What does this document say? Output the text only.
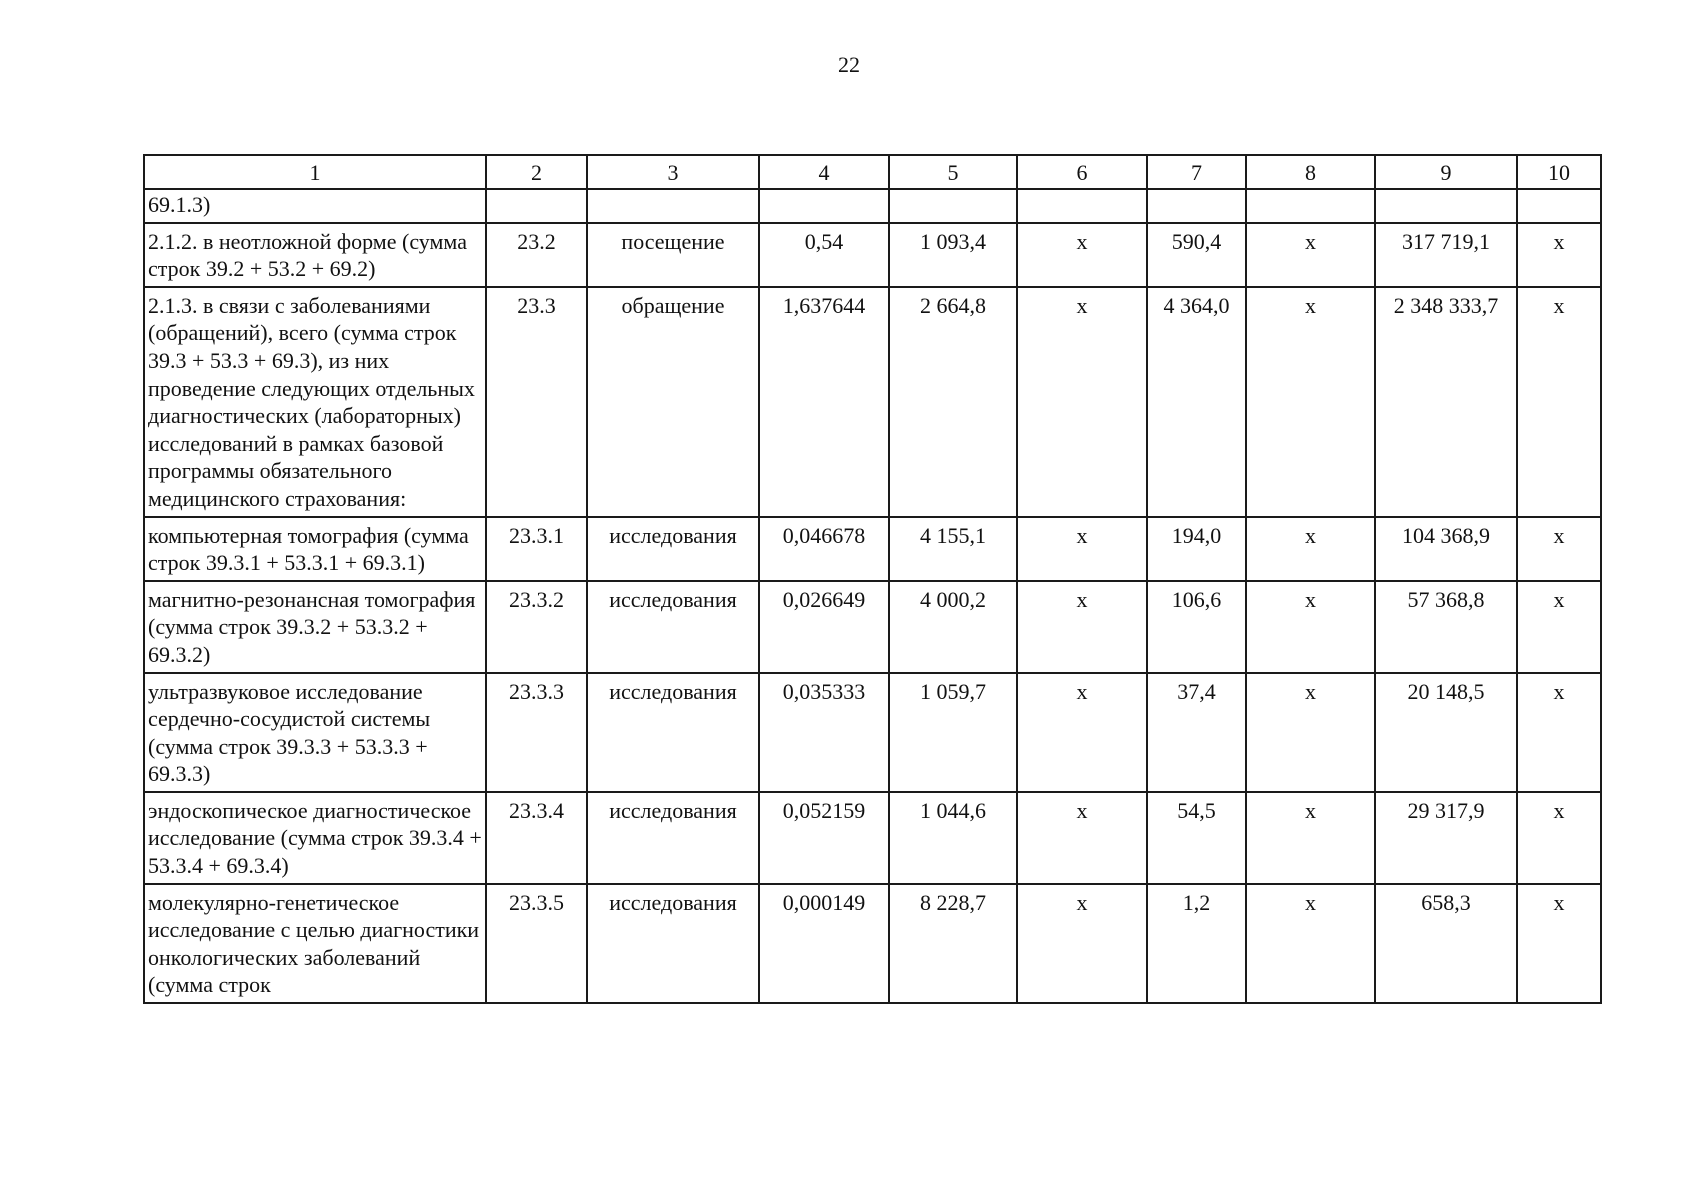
22
1	2	3	4	5	6	7	8	9	10
69.1.3)									
2.1.2. в неотложной форме (сумма строк 39.2 + 53.2 + 69.2)	23.2	посещение	0,54	1 093,4	х	590,4	х	317 719,1	х
2.1.3. в связи с заболеваниями (обращений), всего (сумма строк 39.3 + 53.3 + 69.3), из них проведение следующих отдельных диагностических (лабораторных) исследований в рамках базовой программы обязательного медицинского страхования:	23.3	обращение	1,637644	2 664,8	х	4 364,0	х	2 348 333,7	х
компьютерная томография (сумма строк 39.3.1 + 53.3.1 + 69.3.1)	23.3.1	исследования	0,046678	4 155,1	х	194,0	х	104 368,9	х
магнитно-резонансная томография (сумма строк 39.3.2 + 53.3.2 + 69.3.2)	23.3.2	исследования	0,026649	4 000,2	х	106,6	х	57 368,8	х
ультразвуковое исследование сердечно-сосудистой системы (сумма строк 39.3.3 + 53.3.3 + 69.3.3)	23.3.3	исследования	0,035333	1 059,7	х	37,4	х	20 148,5	х
эндоскопическое диагностическое исследование (сумма строк 39.3.4 + 53.3.4 + 69.3.4)	23.3.4	исследования	0,052159	1 044,6	х	54,5	х	29 317,9	х
молекулярно-генетическое исследование с целью диагностики онкологических заболеваний (сумма строк	23.3.5	исследования	0,000149	8 228,7	х	1,2	х	658,3	х
